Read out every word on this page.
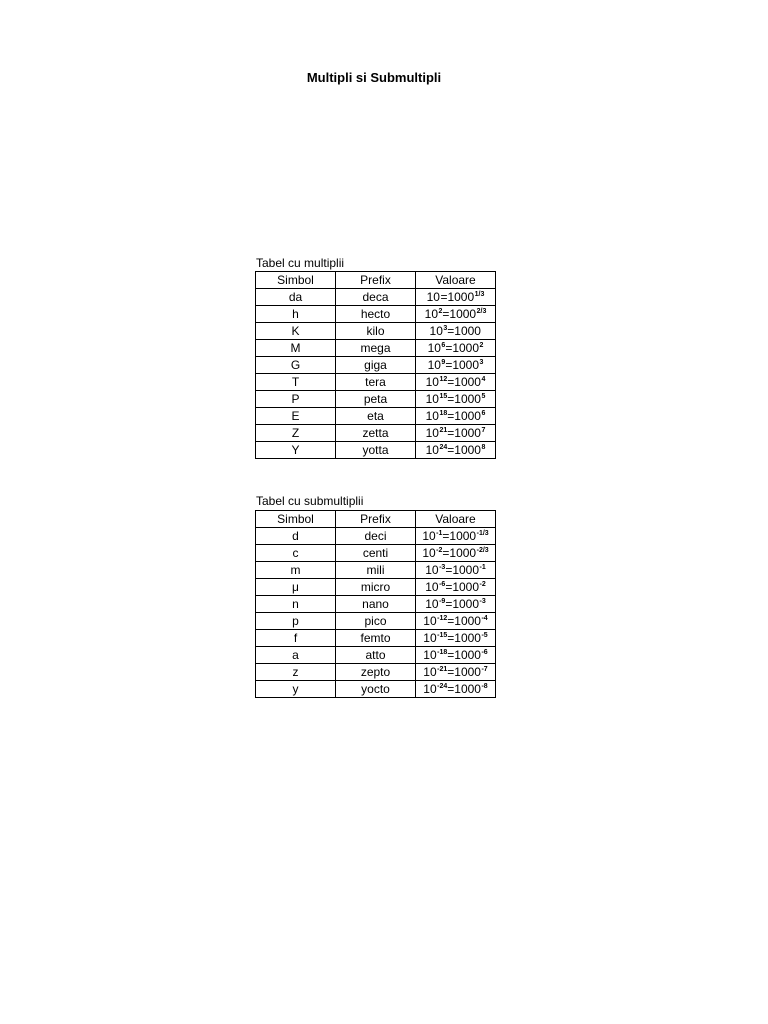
Multipli si Submultipli
Tabel cu multiplii
Simbol	Prefix	Valoare
da	deca	$10=1000^{1/3}$
h	hecto	$10^2=1000^{2/3}$
K	kilo	$10^3=1000$
M	mega	$10^6=1000^2$
G	giga	$10^9=1000^3$
T	tera	$10^{12}=1000^4$
P	peta	$10^{15}=1000^5$
E	eta	$10^{18}=1000^6$
Z	zetta	$10^{21}=1000^7$
Y	yotta	$10^{24}=1000^8$
Tabel cu submultiplii
Simbol	Prefix	Valoare
d	deci	$10^{-1}=1000^{-1/3}$
c	centi	$10^{-2}=1000^{-2/3}$
m	mili	$10^{-3}=1000^{-1}$
μ	micro	$10^{-6}=1000^{-2}$
n	nano	$10^{-9}=1000^{-3}$
p	pico	$10^{-12}=1000^{-4}$
f	femto	$10^{-15}=1000^{-5}$
a	atto	$10^{-18}=1000^{-6}$
z	zepto	$10^{-21}=1000^{-7}$
y	yocto	$10^{-24}=1000^{-8}$
